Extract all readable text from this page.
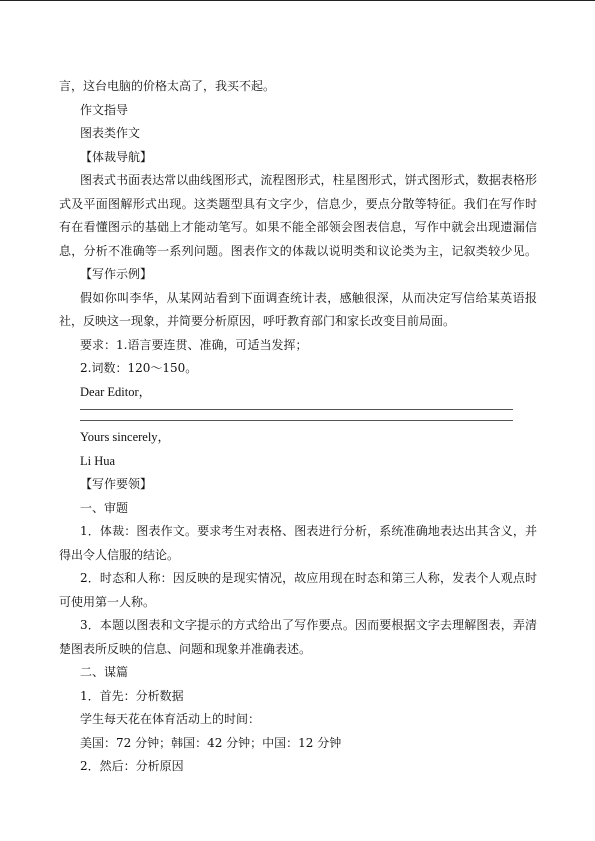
言，这台电脑的价格太高了，我买不起。
作文指导
图表类作文
【体裁导航】
图表式书面表达常以曲线图形式，流程图形式，柱星图形式，饼式图形式，数据表格形
式及平面图解形式出现。这类题型具有文字少，信息少，要点分散等特征。我们在写作时
有在看懂图示的基础上才能动笔写。如果不能全部领会图表信息，写作中就会出现遗漏信
息，分析不准确等一系列问题。图表作文的体裁以说明类和议论类为主，记叙类较少见。
【写作示例】
假如你叫李华，从某网站看到下面调查统计表，感触很深，从而决定写信给某英语报
社，反映这一现象，并简要分析原因，呼吁教育部门和家长改变目前局面。
要求：1.语言要连贯、准确，可适当发挥；
2.词数：120～150。
Dear Editor，
Yours sincerely，
Li Hua
【写作要领】
一、审题
1．体裁：图表作文。要求考生对表格、图表进行分析，系统准确地表达出其含义，并
得出令人信服的结论。
2．时态和人称：因反映的是现实情况，故应用现在时态和第三人称，发表个人观点时
可使用第一人称。
3．本题以图表和文字提示的方式给出了写作要点。因而要根据文字去理解图表，弄清
楚图表所反映的信息、问题和现象并准确表述。
二、谋篇
1．首先：分析数据
学生每天花在体育活动上的时间：
美国：72 分钟；韩国：42 分钟；中国：12 分钟
2．然后：分析原因
